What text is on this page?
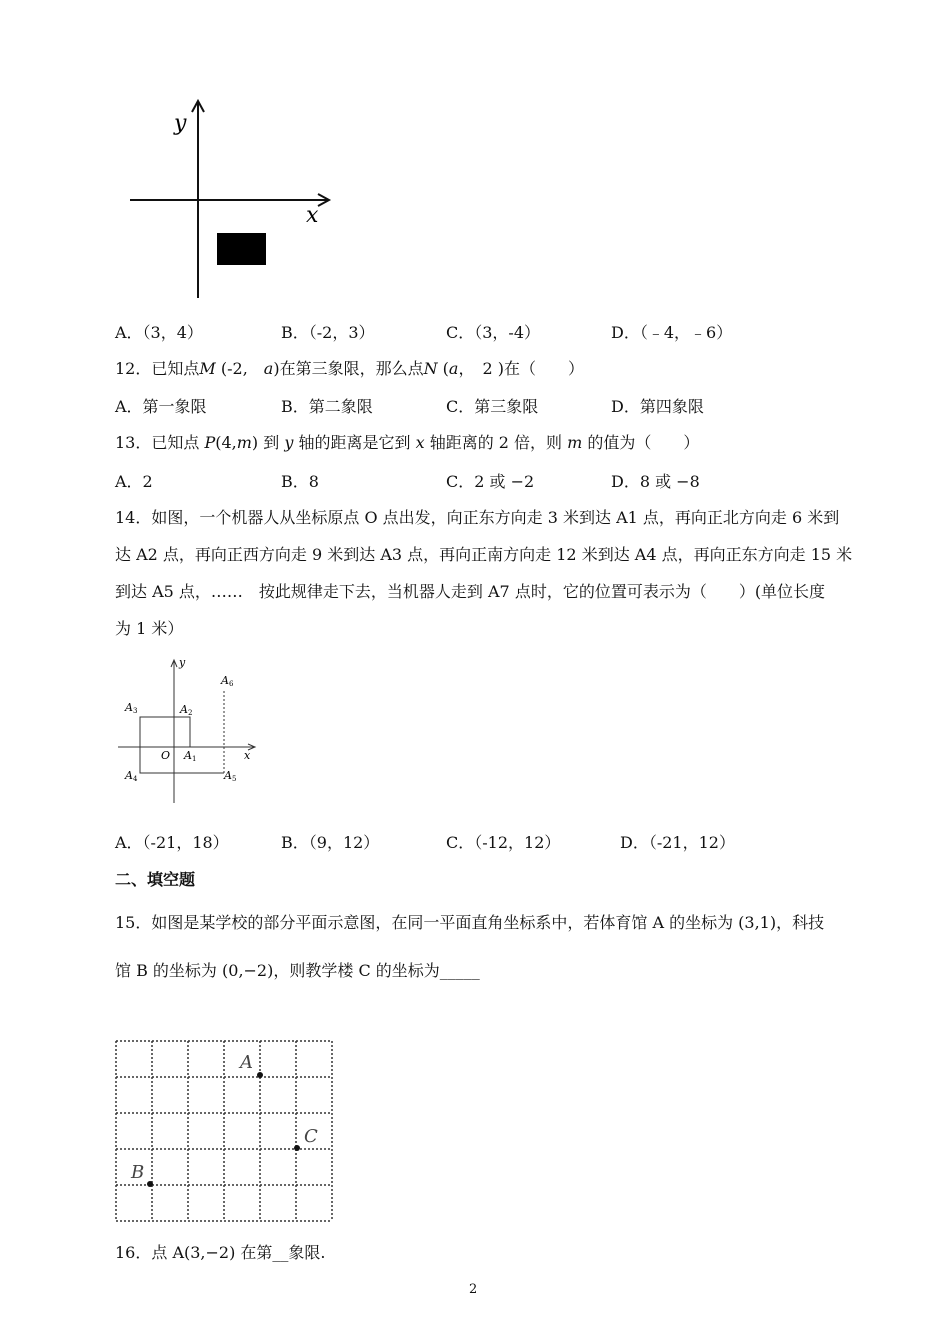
x
y
A．（3，4）	B．（-2，3）	C．（3，-4）	D．（﹣4，﹣6）
12．已知点M (-2,　a)在第三象限，那么点N (a，　2 )在（　　）
A．第一象限	B．第二象限	C．第三象限	D．第四象限
13．已知点 P(4,m) 到 y 轴的距离是它到 x 轴距离的 2 倍，则 m 的值为（　　）
A．2	B．8	C．2 或 −2	D．8 或 −8
14．如图，一个机器人从坐标原点 O 点出发，向正东方向走 3 米到达 A1 点，再向正北方向走 6 米到
达 A2 点，再向正西方向走 9 米到达 A3 点，再向正南方向走 12 米到达 A4 点，再向正东方向走 15 米
到达 A5 点，……　按此规律走下去，当机器人走到 A7 点时，它的位置可表示为（　　）(单位长度
为 1 米）
y
x
O A1
A2
A3
A4	A5
A6
A．（-21，18）	B．（9，12）	C．（-12，12）	D．（-21，12）
二、填空题
15．如图是某学校的部分平面示意图，在同一平面直角坐标系中，若体育馆 A 的坐标为 (3,1)，科技
馆 B 的坐标为 (0,−2)，则教学楼 C 的坐标为_____
A
B
C
16．点 A(3,−2) 在第__象限.
2
